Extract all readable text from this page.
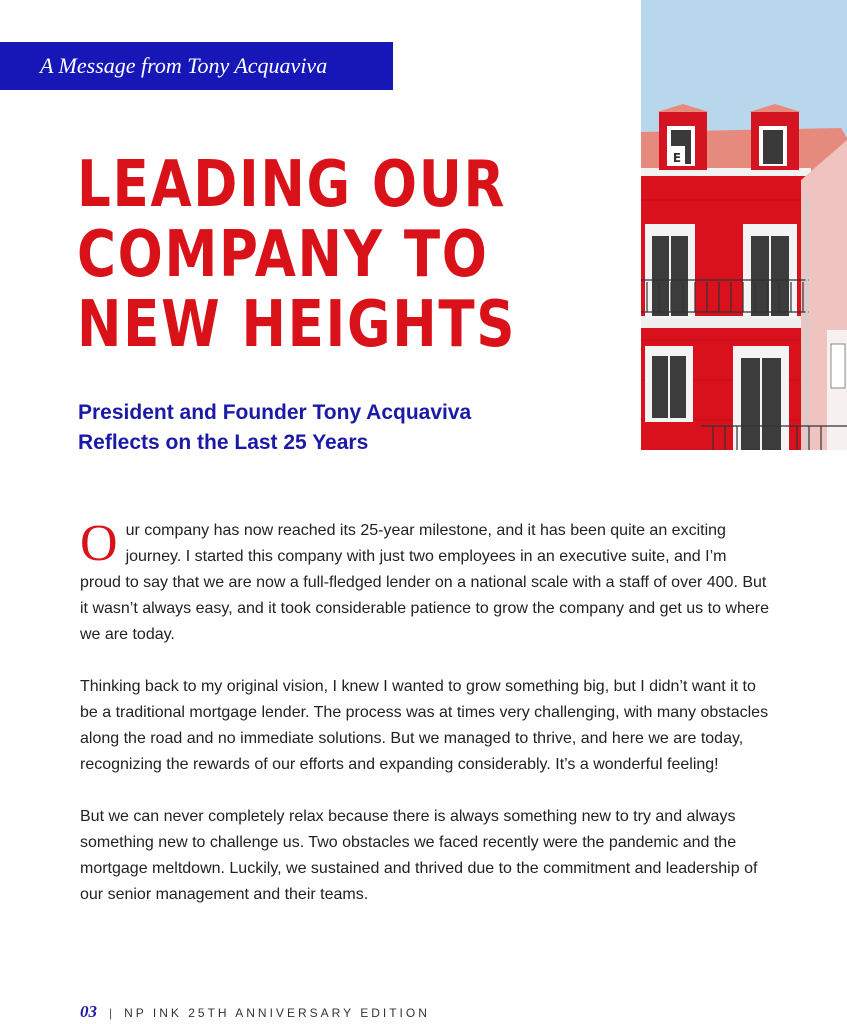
A Message from Tony Acquaviva
LEADING OUR
COMPANY TO
NEW HEIGHTS
President and Founder Tony Acquaviva
Reflects on the Last 25 Years
E

Our company has now reached its 25-year milestone, and it has been quite an exciting journey. I started this company with just two employees in an executive suite, and I’m proud to say that we are now a full-fledged lender on a national scale with a staff of over 400. But it wasn’t always easy, and it took considerable patience to grow the company and get us to where we are today.

Thinking back to my original vision, I knew I wanted to grow something big, but I didn’t want it to be a traditional mortgage lender. The process was at times very challenging, with many obstacles along the road and no immediate solutions. But we managed to thrive, and here we are today, recognizing the rewards of our efforts and expanding considerably. It’s a wonderful feeling!

But we can never completely relax because there is always something new to try and always something new to challenge us. Two obstacles we faced recently were the pandemic and the mortgage meltdown. Luckily, we sustained and thrived due to the commitment and leadership of our senior management and their teams.

03 | NP INK 25TH ANNIVERSARY EDITION
